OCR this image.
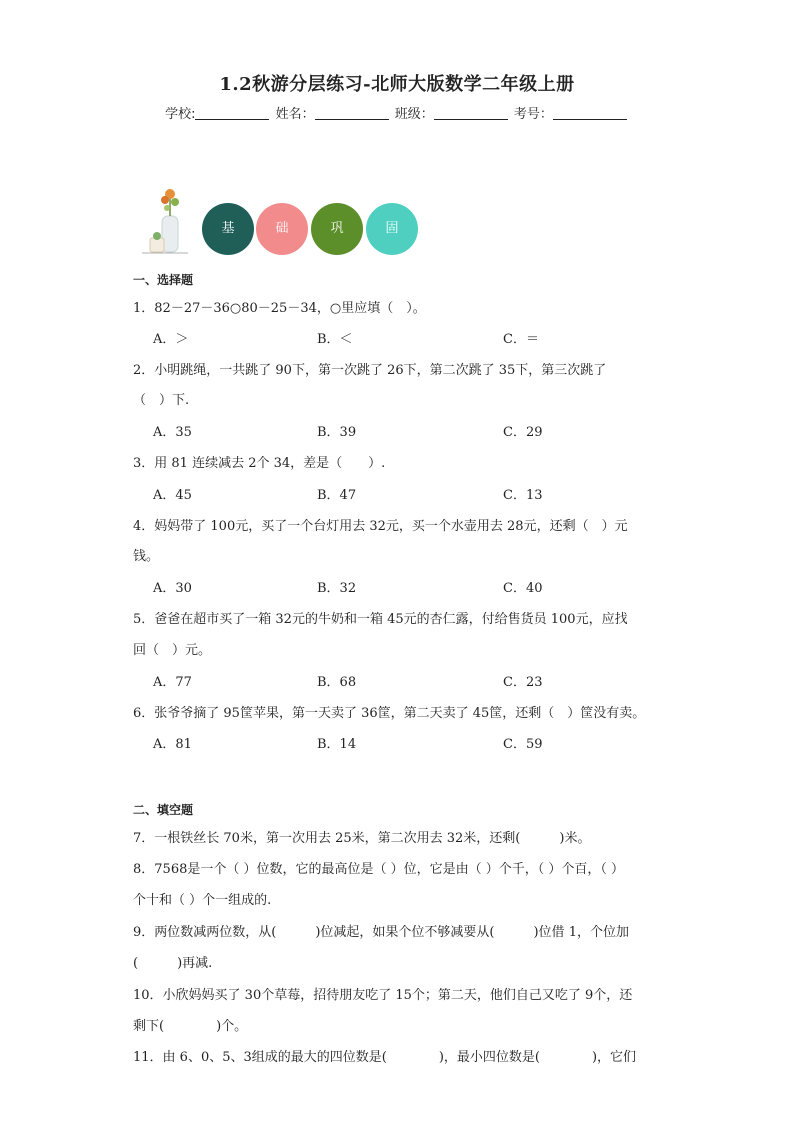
1.2秋游分层练习-北师大版数学二年级上册
学校:	姓名：	班级：	考号：
基	础	巩	固
一、选择题
1．82－27－36○80－25－34，○里应填（　）。
A．＞	B．＜	C．＝
2．小明跳绳，一共跳了 90下，第一次跳了 26下，第二次跳了 35下，第三次跳了
（　）下.
A．35	B．39	C．29
3．用 81 连续减去 2个 34，差是（　　）.
A．45	B．47	C．13
4．妈妈带了 100元，买了一个台灯用去 32元，买一个水壶用去 28元，还剩（　）元
钱。
A．30	B．32	C．40
5．爸爸在超市买了一箱 32元的牛奶和一箱 45元的杏仁露，付给售货员 100元，应找
回（　）元。
A．77	B．68	C．23
6．张爷爷摘了 95筐苹果，第一天卖了 36筐，第二天卖了 45筐，还剩（　）筐没有卖。
A．81	B．14	C．59
二、填空题
7．一根铁丝长 70米，第一次用去 25米，第二次用去 32米，还剩(　　　)米。
8．7568是一个（ ）位数，它的最高位是（ ）位，它是由（ ）个千，（ ）个百，（ ）
个十和（ ）个一组成的.
9．两位数减两位数，从(　　　)位减起，如果个位不够减要从(　　　)位借 1，个位加
(　　　)再减.
10．小欣妈妈买了 30个草莓，招待朋友吃了 15个；第二天，他们自己又吃了 9个，还
剩下(　　　　)个。
11．由 6、0、5、3组成的最大的四位数是(　　　　)，最小四位数是(　　　　)，它们
